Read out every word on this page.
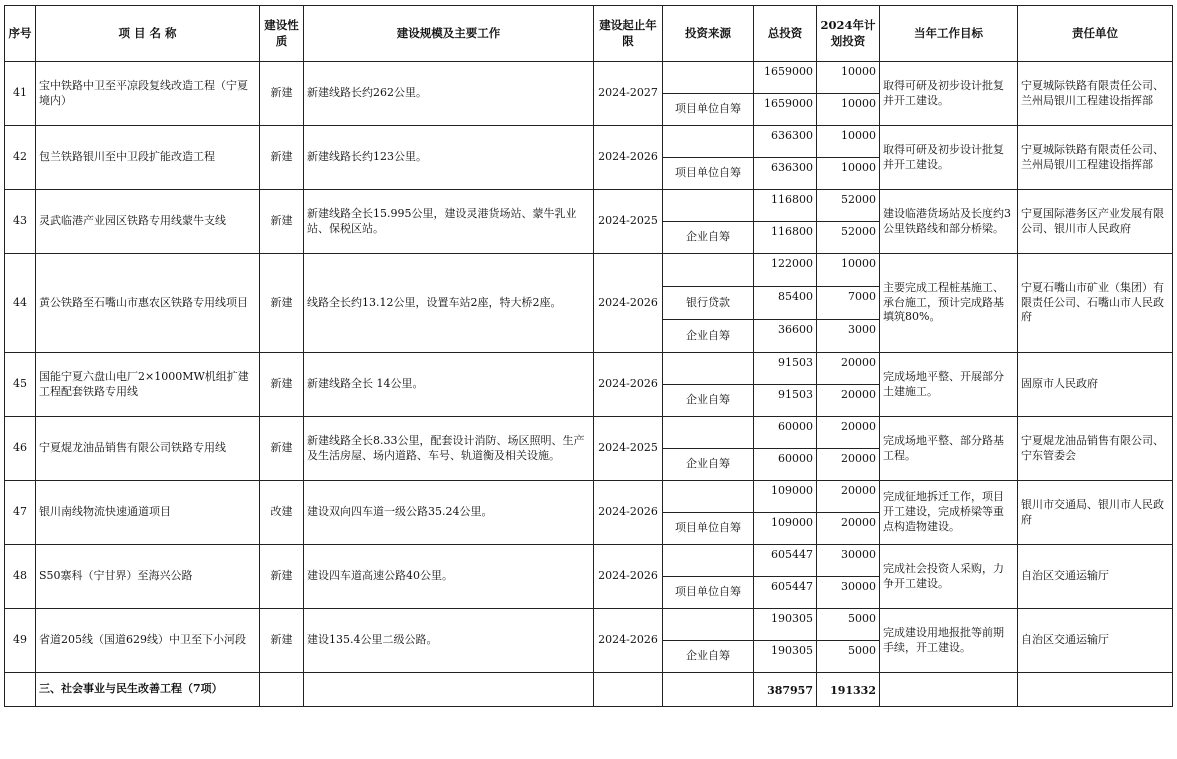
序号	项 目 名 称	建设性质	建设规模及主要工作	建设起止年限	投资来源	总投资	2024年计划投资	当年工作目标	责任单位
41	宝中铁路中卫至平凉段复线改造工程（宁夏境内）	新建	新建线路长约262公里。	2024-2027		1659000	10000	取得可研及初步设计批复并开工建设。	宁夏城际铁路有限责任公司、兰州局银川工程建设指挥部
					项目单位自筹	1659000	10000		
42	包兰铁路银川至中卫段扩能改造工程	新建	新建线路长约123公里。	2024-2026		636300	10000	取得可研及初步设计批复并开工建设。	宁夏城际铁路有限责任公司、兰州局银川工程建设指挥部
					项目单位自筹	636300	10000		
43	灵武临港产业园区铁路专用线蒙牛支线	新建	新建线路全长15.995公里，建设灵港货场站、蒙牛乳业站、保税区站。	2024-2025		116800	52000	建设临港货场站及长度约3公里铁路线和部分桥梁。	宁夏国际港务区产业发展有限公司、银川市人民政府
					企业自筹	116800	52000		
44	黄公铁路至石嘴山市惠农区铁路专用线项目	新建	线路全长约13.12公里，设置车站2座，特大桥2座。	2024-2026		122000	10000	主要完成工程桩基施工、承台施工，预计完成路基填筑80%。	宁夏石嘴山市矿业（集团）有限责任公司、石嘴山市人民政府
					银行贷款	85400	7000		
					企业自筹	36600	3000		
45	国能宁夏六盘山电厂2×1000MW机组扩建工程配套铁路专用线	新建	新建线路全长 14公里。	2024-2026		91503	20000	完成场地平整、开展部分土建施工。	固原市人民政府
					企业自筹	91503	20000		
46	宁夏焜龙油品销售有限公司铁路专用线	新建	新建线路全长8.33公里，配套设计消防、场区照明、生产及生活房屋、场内道路、车号、轨道衡及相关设施。	2024-2025		60000	20000	完成场地平整、部分路基工程。	宁夏焜龙油品销售有限公司、宁东管委会
					企业自筹	60000	20000		
47	银川南线物流快速通道项目	改建	建设双向四车道一级公路35.24公里。	2024-2026		109000	20000	完成征地拆迁工作，项目开工建设，完成桥梁等重点构造物建设。	银川市交通局、银川市人民政府
					项目单位自筹	109000	20000		
48	S50寨科（宁甘界）至海兴公路	新建	建设四车道高速公路40公里。	2024-2026		605447	30000	完成社会投资人采购，力争开工建设。	自治区交通运输厅
					项目单位自筹	605447	30000		
49	省道205线（国道629线）中卫至下小河段	新建	建设135.4公里二级公路。	2024-2026		190305	5000	完成建设用地报批等前期手续，开工建设。	自治区交通运输厅
					企业自筹	190305	5000		
	三、社会事业与民生改善工程（7项）					387957	191332		
